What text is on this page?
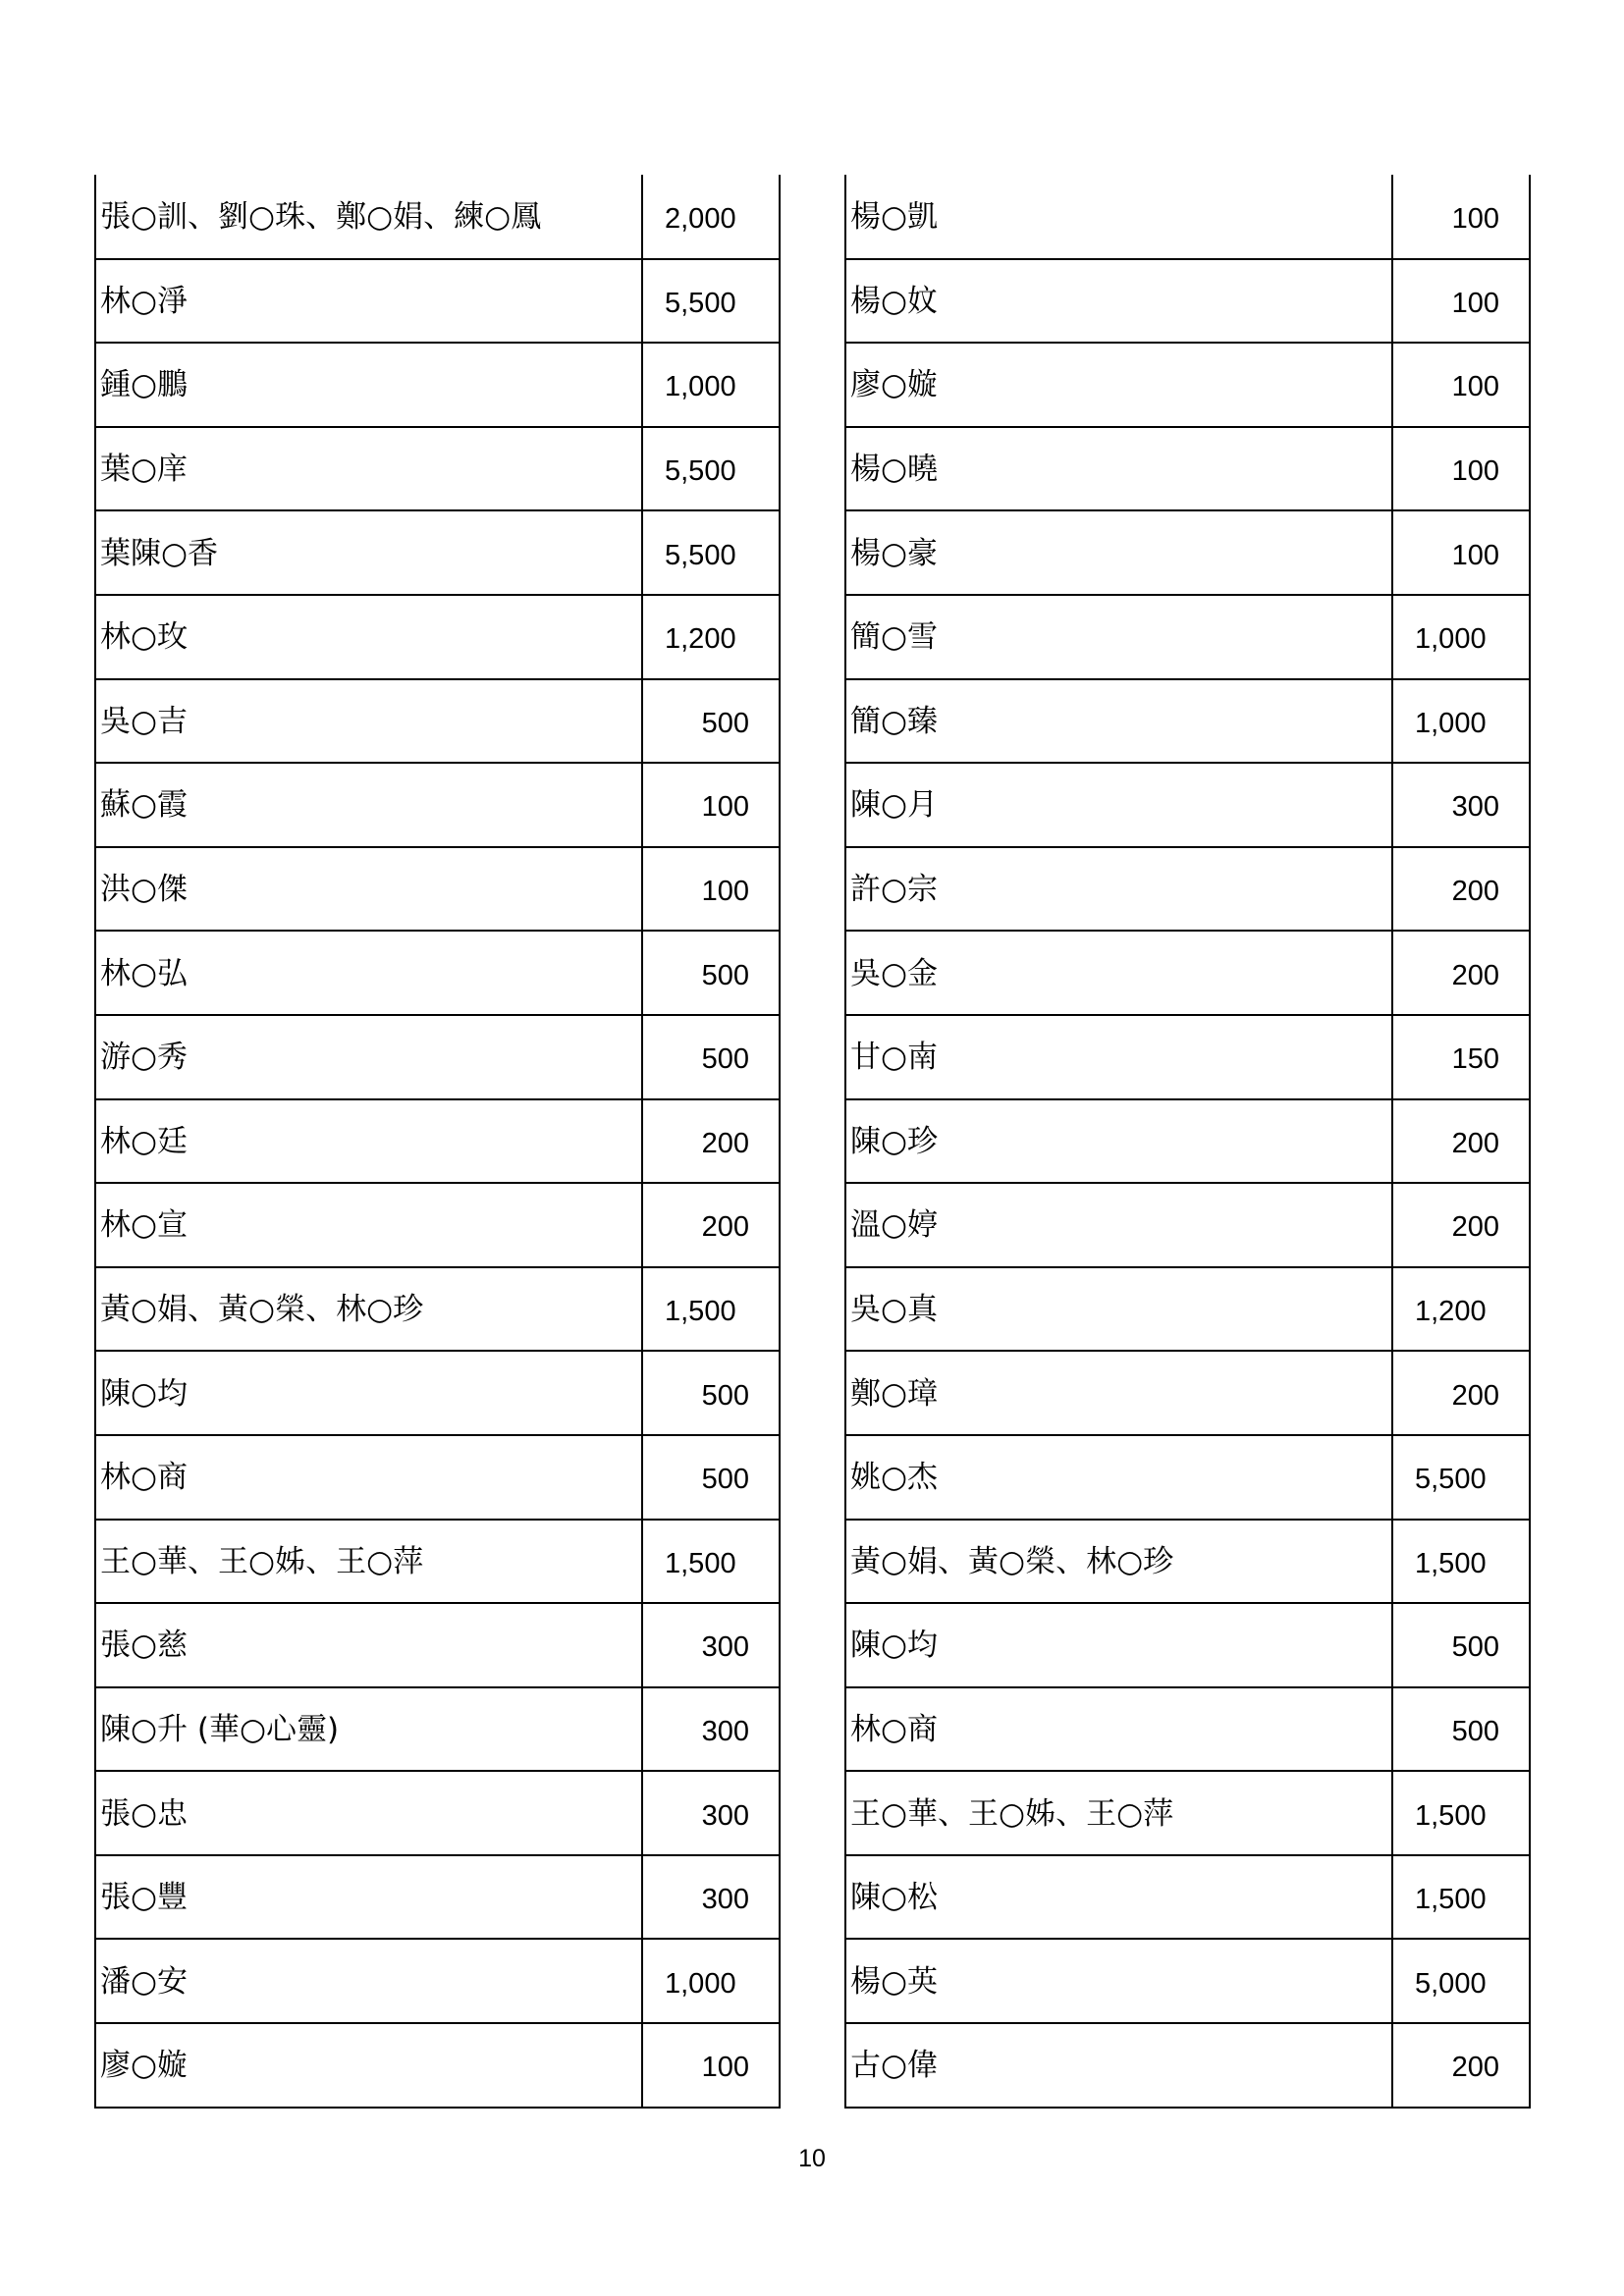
張○訓、劉○珠、鄭○娟、練○鳳	2,000
林○淨	5,500
鍾○鵬	1,000
葉○庠	5,500
葉陳○香	5,500
林○玫	1,200
吳○吉	500
蘇○霞	100
洪○傑	100
林○弘	500
游○秀	500
林○廷	200
林○宣	200
黃○娟、黃○榮、林○珍	1,500
陳○均	500
林○商	500
王○華、王○姊、王○萍	1,500
張○慈	300
陳○升 (華○心靈)	300
張○忠	300
張○豐	300
潘○安	1,000
廖○嫙	100
楊○凱	100
楊○妏	100
廖○嫙	100
楊○曉	100
楊○豪	100
簡○雪	1,000
簡○臻	1,000
陳○月	300
許○宗	200
吳○金	200
甘○南	150
陳○珍	200
溫○婷	200
吳○真	1,200
鄭○璋	200
姚○杰	5,500
黃○娟、黃○榮、林○珍	1,500
陳○均	500
林○商	500
王○華、王○姊、王○萍	1,500
陳○松	1,500
楊○英	5,000
古○偉	200
10
